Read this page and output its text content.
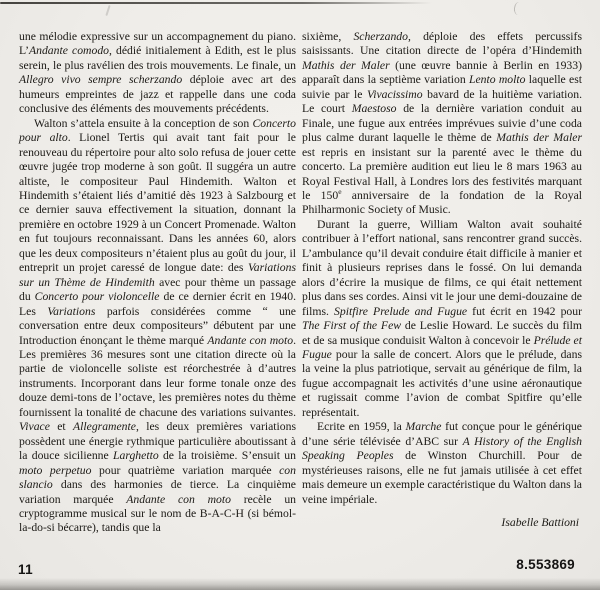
une mélodie expressive sur un accompagnement du piano. L’Andante comodo, dédié initialement à Edith, est le plus serein, le plus ravélien des trois mouvements. Le finale, un Allegro vivo sempre scherzando déploie avec art des humeurs empreintes de jazz et rappelle dans une coda conclusive des éléments des mouvements précédents.

Walton s’attela ensuite à la conception de son Concerto pour alto. Lionel Tertis qui avait tant fait pour le renouveau du répertoire pour alto solo refusa de jouer cette œuvre jugée trop moderne à son goût. Il suggéra un autre altiste, le compositeur Paul Hindemith. Walton et Hindemith s’étaient liés d’amitié dès 1923 à Salzbourg et ce dernier sauva effectivement la situation, donnant la première en octobre 1929 à un Concert Promenade. Walton en fut toujours reconnaissant. Dans les années 60, alors que les deux compositeurs n’étaient plus au goût du jour, il entreprit un projet caressé de longue date: des Variations sur un Thème de Hindemith avec pour thème un passage du Concerto pour violoncelle de ce dernier écrit en 1940. Les Variations parfois considérées comme “ une conversation entre deux compositeurs” débutent par une Introduction énonçant le thème marqué Andante con moto. Les premières 36 mesures sont une citation directe où la partie de violoncelle soliste est réorchestrée à d’autres instruments. Incorporant dans leur forme tonale onze des douze demi-tons de l’octave, les premières notes du thème fournissent la tonalité de chacune des variations suivantes. Vivace et Allegramente, les deux premières variations possèdent une énergie rythmique particulière aboutissant à la douce sicilienne Larghetto de la troisième. S’ensuit un moto perpetuo pour quatrième variation marquée con slancio dans des harmonies de tierce. La cinquième variation marquée Andante con moto recèle un cryptogramme musical sur le nom de B-A-C-H (si bémol-la-do-si bécarre), tandis que la

sixième, Scherzando, déploie des effets percussifs saisissants. Une citation directe de l’opéra d’Hindemith Mathis der Maler (une œuvre bannie à Berlin en 1933) apparaît dans la septième variation Lento molto laquelle est suivie par le Vivacissimo bavard de la huitième variation. Le court Maestoso de la dernière variation conduit au Finale, une fugue aux entrées imprévues suivie d’une coda plus calme durant laquelle le thème de Mathis der Maler est repris en insistant sur la parenté avec le thème du concerto. La première audition eut lieu le 8 mars 1963 au Royal Festival Hall, à Londres lors des festivités marquant le 150e anniversaire de la fondation de la Royal Philharmonic Society of Music.

Durant la guerre, William Walton avait souhaité contribuer à l’effort national, sans rencontrer grand succès. L’ambulance qu’il devait conduire était difficile à manier et finit à plusieurs reprises dans le fossé. On lui demanda alors d’écrire la musique de films, ce qui était nettement plus dans ses cordes. Ainsi vit le jour une demi-douzaine de films. Spitfire Prelude and Fugue fut écrit en 1942 pour The First of the Few de Leslie Howard. Le succès du film et de sa musique conduisit Walton à concevoir le Prélude et Fugue pour la salle de concert. Alors que le prélude, dans la veine la plus patriotique, servait au générique de film, la fugue accompagnait les activités d’une usine aéronautique et rugissait comme l’avion de combat Spitfire qu’elle représentait.

Ecrite en 1959, la Marche fut conçue pour le générique d’une série télévisée d’ABC sur A History of the English Speaking Peoples de Winston Churchill. Pour de mystérieuses raisons, elle ne fut jamais utilisée à cet effet mais demeure un exemple caractéristique du Walton dans la veine impériale.

Isabelle Battioni

11	8.553869
